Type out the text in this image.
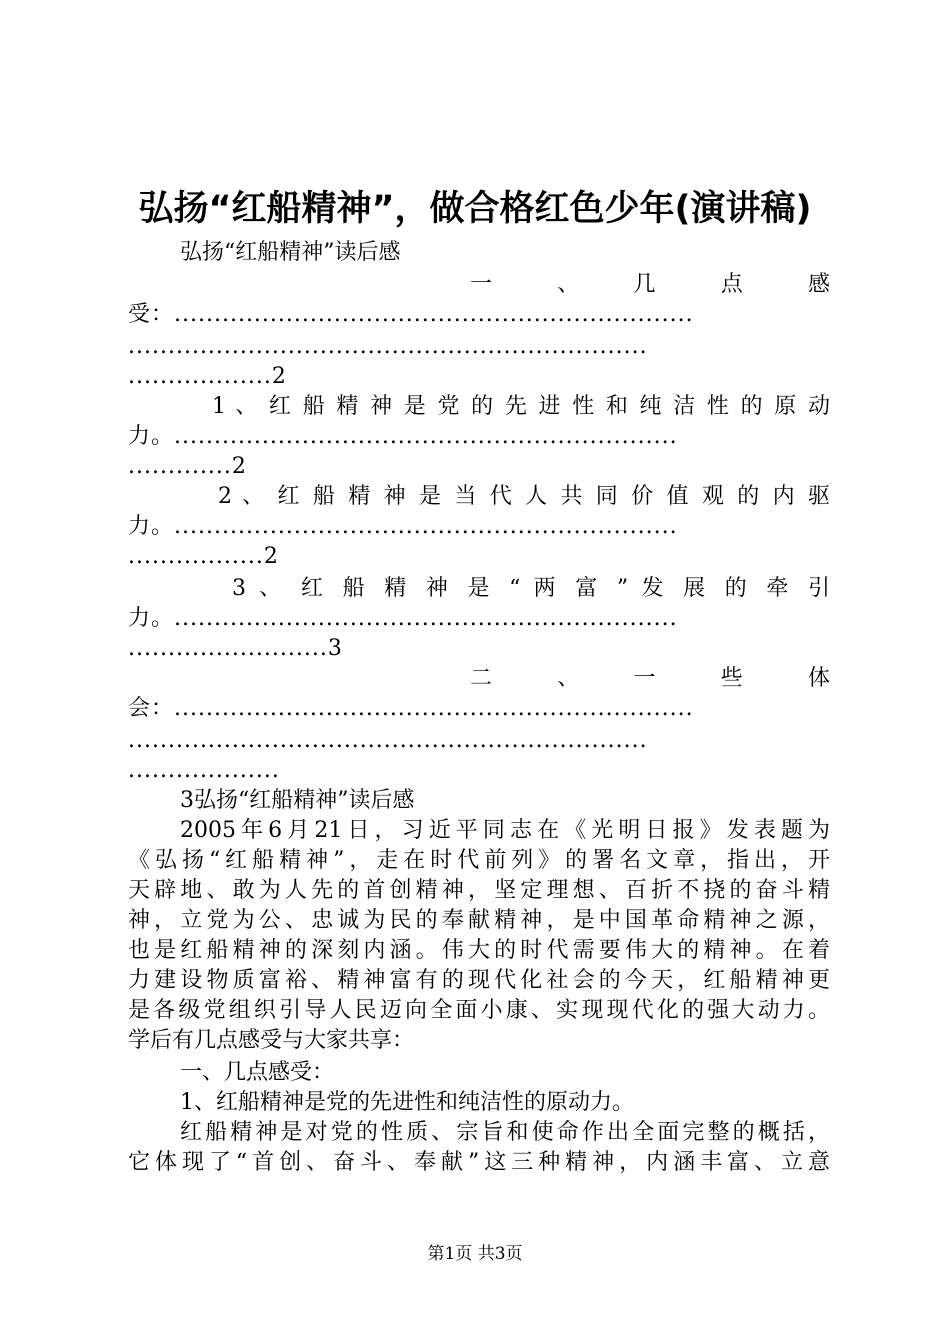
弘扬“红船精神”，做合格红色少年(演讲稿)
弘扬“红船精神”读后感
一　　、　　几　　点　　感
受：.................................................................
.................................................................
..................2
1 、 红 船 精 神 是 党 的 先 进 性 和 纯 洁 性 的 原 动
力。...............................................................
.............2
2 、 红 船 精 神 是 当 代 人 共 同 价 值 观 的 内 驱
力。...............................................................
.................2
3 、 红 船 精 神 是 “ 两 富 ” 发 展 的 牵 引
力。...............................................................
.........................3
二　　、　　一　　些　　体
会：.................................................................
.................................................................
...................
3弘扬“红船精神”读后感
2005年6月21日，习近平同志在《光明日报》发表题为
《弘扬“红船精神”，走在时代前列》的署名文章，指出，开
天辟地、敢为人先的首创精神，坚定理想、百折不挠的奋斗精
神，立党为公、忠诚为民的奉献精神，是中国革命精神之源，
也是红船精神的深刻内涵。伟大的时代需要伟大的精神。在着
力建设物质富裕、精神富有的现代化社会的今天，红船精神更
是各级党组织引导人民迈向全面小康、实现现代化的强大动力。
学后有几点感受与大家共享：
一、几点感受：
1、红船精神是党的先进性和纯洁性的原动力。
红船精神是对党的性质、宗旨和使命作出全面完整的概括，
它体现了“首创、奋斗、奉献”这三种精神，内涵丰富、立意
第1页 共3页
